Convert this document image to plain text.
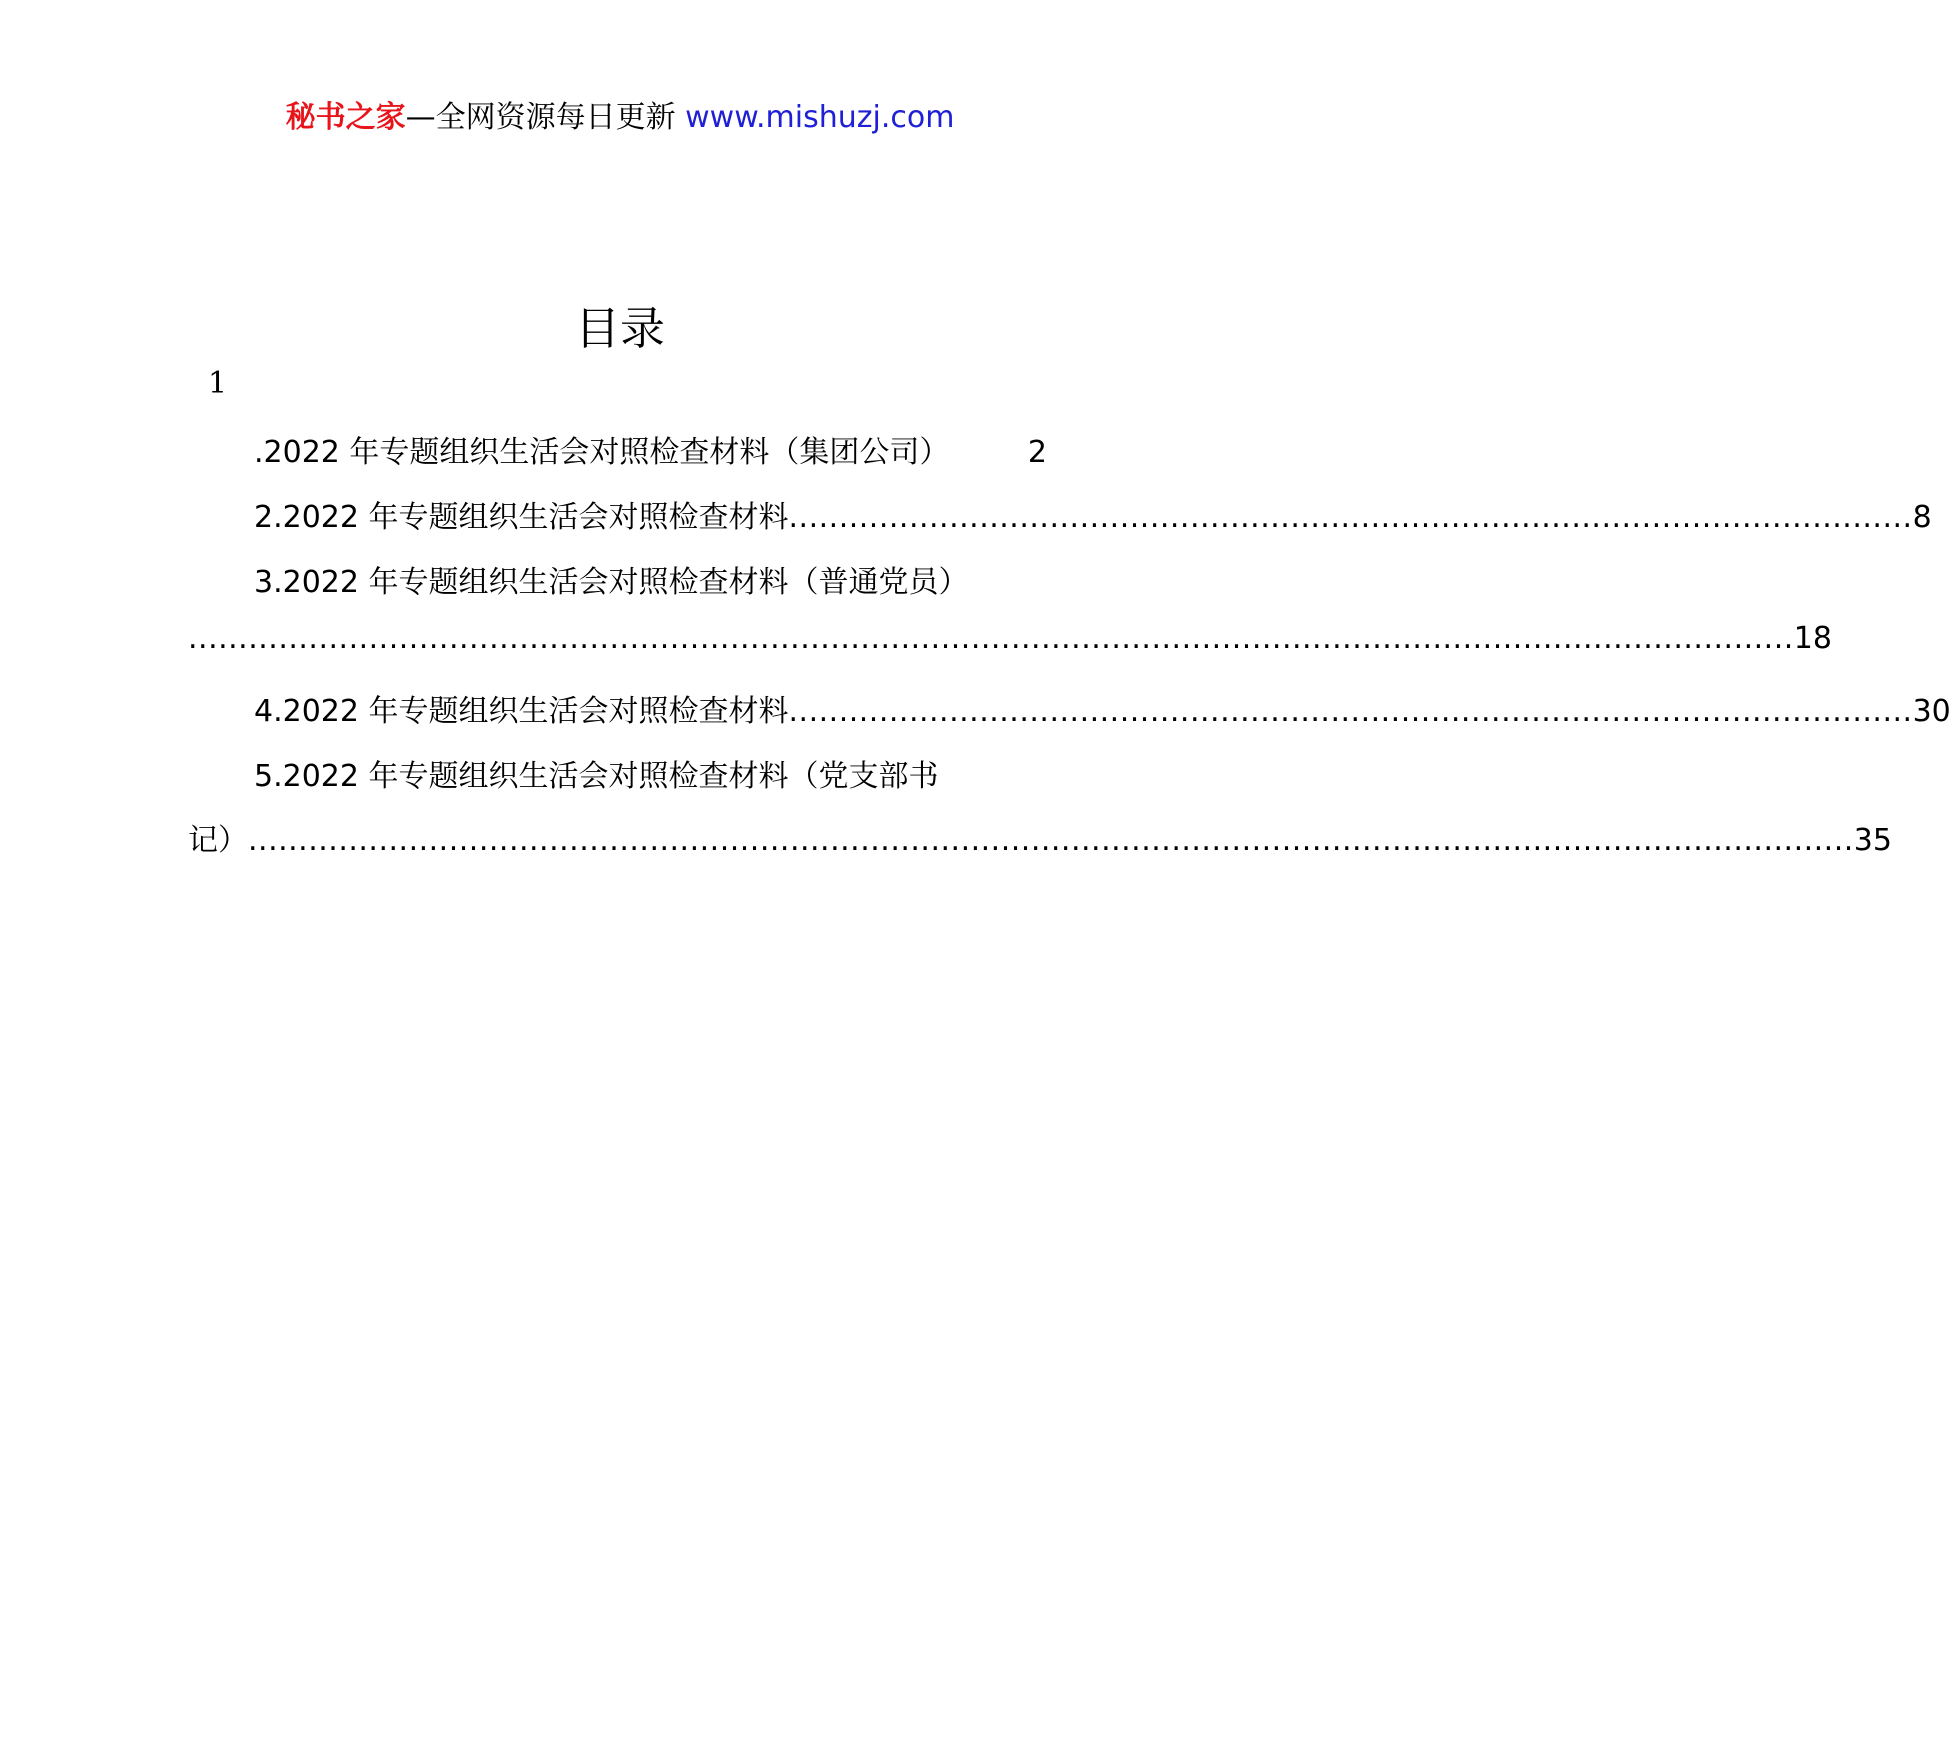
秘书之家—全网资源每日更新 www.mishuzj.com
目录
1
.2022 年专题组织生活会对照检查材料（集团公司）	2
2.2022 年专题组织生活会对照检查材料 ................................................................................................................ 8
3.2022 年专题组织生活会对照检查材料（普通党员）
................................................................................................................................................................ 18
4.2022 年专题组织生活会对照检查材料 ................................................................................................................ 30
5.2022 年专题组织生活会对照检查材料（党支部书
记） ................................................................................................................................................................ 35
